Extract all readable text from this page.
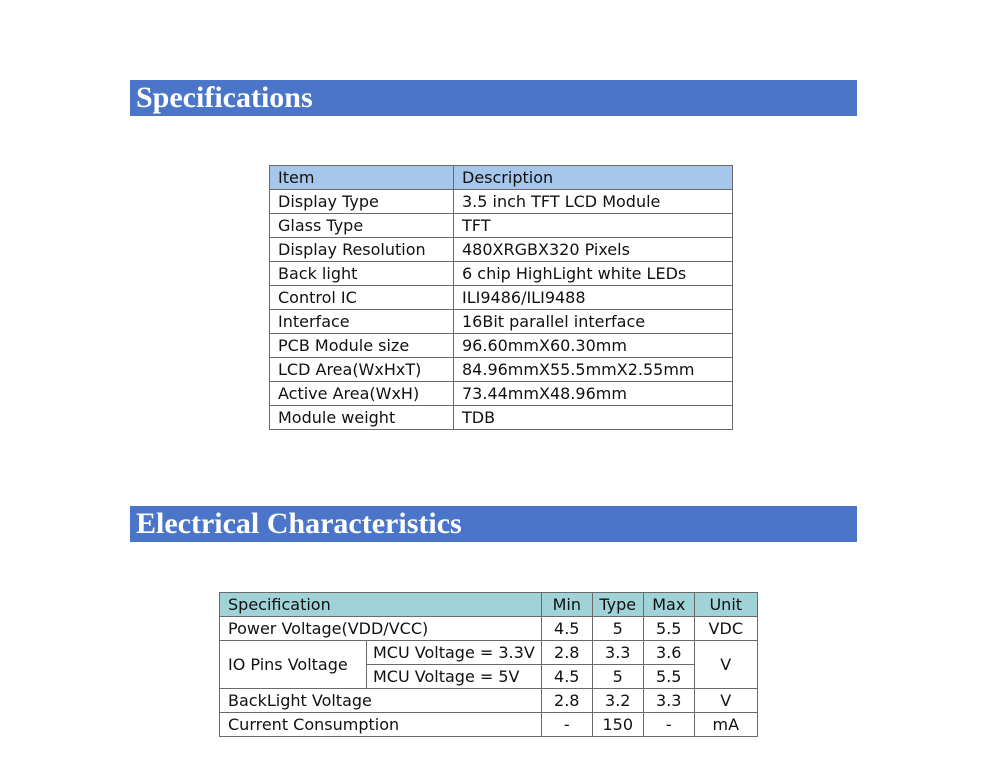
Specifications
Item	Description
Display Type	3.5 inch TFT LCD Module
Glass Type	TFT
Display Resolution	480XRGBX320 Pixels
Back light	6 chip HighLight white LEDs
Control IC	ILI9486/ILI9488
Interface	16Bit parallel interface
PCB Module size	96.60mmX60.30mm
LCD Area(WxHxT)	84.96mmX55.5mmX2.55mm
Active Area(WxH)	73.44mmX48.96mm
Module weight	TDB
Electrical Characteristics
Specification		Min	Type	Max	Unit
Power Voltage(VDD/VCC)		4.5	5	5.5	VDC
IO Pins Voltage	MCU Voltage = 3.3V	2.8	3.3	3.6	V
	MCU Voltage = 5V	4.5	5	5.5	
BackLight Voltage		2.8	3.2	3.3	V
Current Consumption		-	150	-	mA
